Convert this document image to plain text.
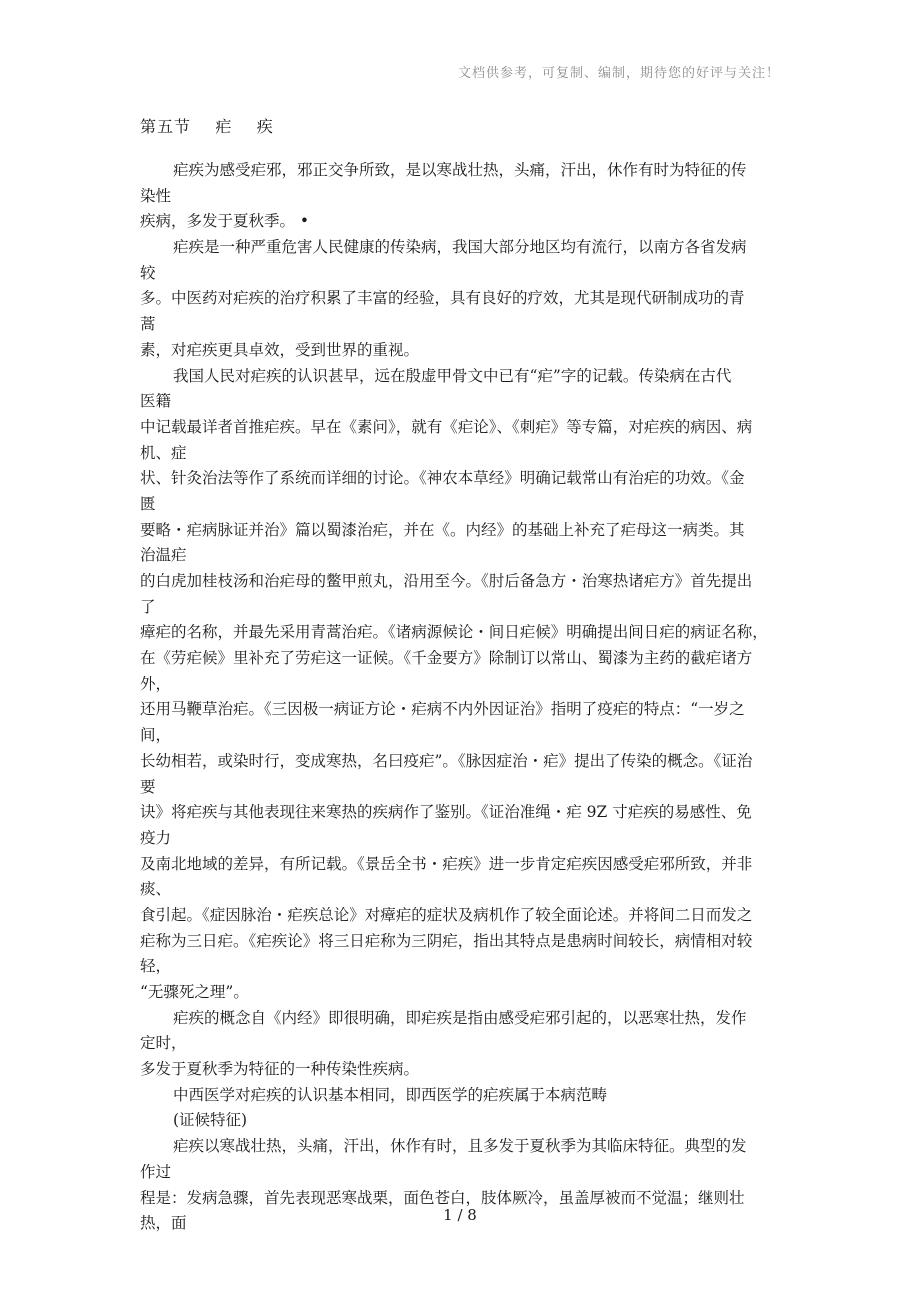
文档供参考，可复制、编制，期待您的好评与关注！
第五节    疟    疾
疟疾为感受疟邪，邪正交争所致，是以寒战壮热，头痛，汗出，休作有时为特征的传
染性
疾病，多发于夏秋季。 •
疟疾是一种严重危害人民健康的传染病，我国大部分地区均有流行，以南方各省发病
较
多。中医药对疟疾的治疗积累了丰富的经验，具有良好的疗效，尤其是现代研制成功的青
蒿
素，对疟疾更具卓效，受到世界的重视。
我国人民对疟疾的认识甚早，远在殷虚甲骨文中已有“疟”字的记载。传染病在古代
医籍
中记载最详者首推疟疾。早在《素问》，就有《疟论》、《刺疟》等专篇，对疟疾的病因、病
机、症
状、针灸治法等作了系统而详细的讨论。《神农本草经》明确记载常山有治疟的功效。《金
匮
要略・疟病脉证并治》篇以蜀漆治疟，并在《。内经》的基础上补充了疟母这一病类。其
治温疟
的白虎加桂枝汤和治疟母的鳖甲煎丸，沿用至今。《肘后备急方・治寒热诸疟方》首先提出
了
瘴疟的名称，并最先采用青蒿治疟。《诸病源候论・间日疟候》明确提出间日疟的病证名称，
在《劳疟候》里补充了劳疟这一证候。《千金要方》除制订以常山、蜀漆为主药的截疟诸方
外，
还用马鞭草治疟。《三因极一病证方论・疟病不内外因证治》指明了疫疟的特点：“一岁之
间，
长幼相若，或染时行，变成寒热，名曰疫疟”。《脉因症治・疟》提出了传染的概念。《证治
要
诀》将疟疾与其他表现往来寒热的疾病作了鉴别。《证治准绳・疟 9Z 寸疟疾的易感性、免
疫力
及南北地域的差异，有所记载。《景岳全书・疟疾》进一步肯定疟疾因感受疟邪所致，并非
痰、
食引起。《症因脉治・疟疾总论》对瘴疟的症状及病机作了较全面论述。并将间二日而发之
疟称为三日疟。《疟疾论》将三日疟称为三阴疟，指出其特点是患病时间较长，病情相对较
轻，
“无骤死之理”。
疟疾的概念自《内经》即很明确，即疟疾是指由感受疟邪引起的，以恶寒壮热，发作
定时，
多发于夏秋季为特征的一种传染性疾病。
中西医学对疟疾的认识基本相同，即西医学的疟疾属于本病范畴
(证候特征)
疟疾以寒战壮热，头痛，汗出，休作有时，且多发于夏秋季为其临床特征。典型的发
作过
程是：发病急骤，首先表现恶寒战栗，面色苍白，肢体厥冷，虽盖厚被而不觉温；继则壮
热，面	1 / 8
